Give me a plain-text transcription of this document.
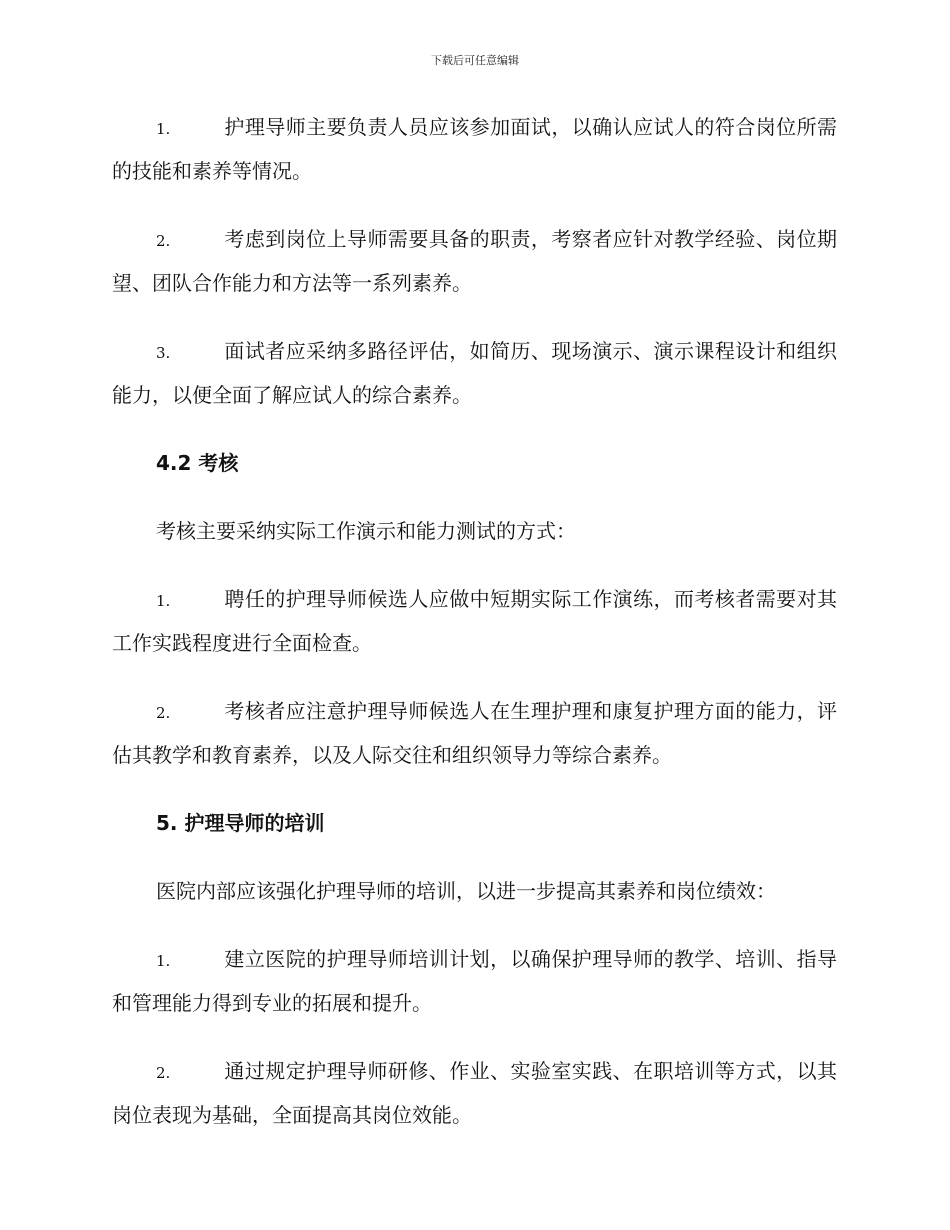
下载后可任意编辑

1.	护理导师主要负责人员应该参加面试，以确认应试人的符合岗位所需的技能和素养等情况。

2.	考虑到岗位上导师需要具备的职责，考察者应针对教学经验、岗位期望、团队合作能力和方法等一系列素养。

3.	面试者应采纳多路径评估，如简历、现场演示、演示课程设计和组织能力，以便全面了解应试人的综合素养。

4.2 考核

考核主要采纳实际工作演示和能力测试的方式：

1.	聘任的护理导师候选人应做中短期实际工作演练，而考核者需要对其工作实践程度进行全面检查。

2.	考核者应注意护理导师候选人在生理护理和康复护理方面的能力，评估其教学和教育素养，以及人际交往和组织领导力等综合素养。

5. 护理导师的培训

医院内部应该强化护理导师的培训，以进一步提高其素养和岗位绩效：

1.	建立医院的护理导师培训计划，以确保护理导师的教学、培训、指导和管理能力得到专业的拓展和提升。

2.	通过规定护理导师研修、作业、实验室实践、在职培训等方式，以其岗位表现为基础，全面提高其岗位效能。
